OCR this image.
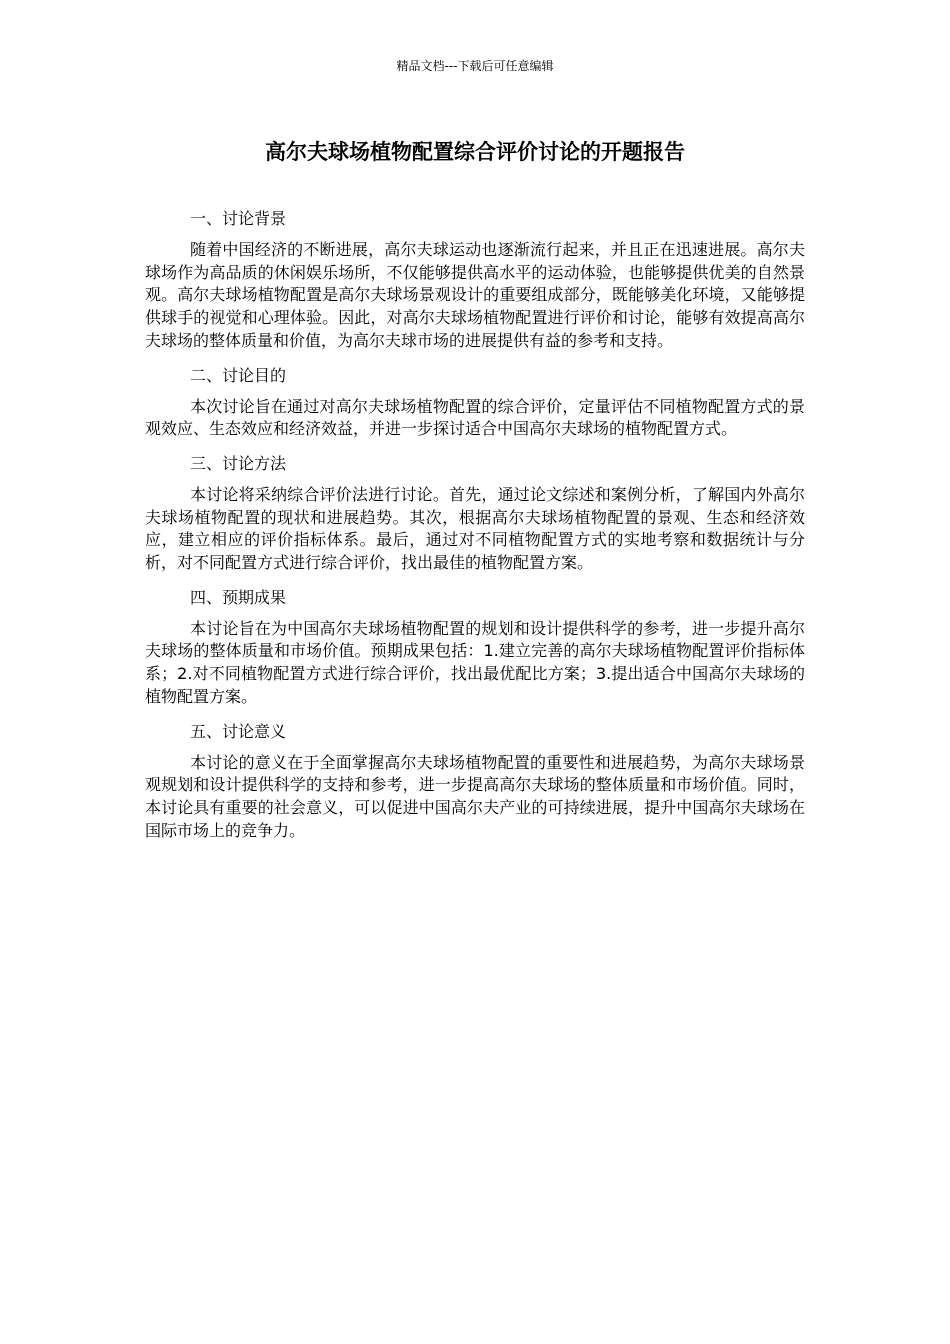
精品文档---下载后可任意编辑
高尔夫球场植物配置综合评价讨论的开题报告

一、讨论背景

随着中国经济的不断进展，高尔夫球运动也逐渐流行起来，并且正在迅速进展。高尔夫球场作为高品质的休闲娱乐场所，不仅能够提供高水平的运动体验，也能够提供优美的自然景观。高尔夫球场植物配置是高尔夫球场景观设计的重要组成部分，既能够美化环境，又能够提供球手的视觉和心理体验。因此，对高尔夫球场植物配置进行评价和讨论，能够有效提高高尔夫球场的整体质量和价值，为高尔夫球市场的进展提供有益的参考和支持。

二、讨论目的

本次讨论旨在通过对高尔夫球场植物配置的综合评价，定量评估不同植物配置方式的景观效应、生态效应和经济效益，并进一步探讨适合中国高尔夫球场的植物配置方式。

三、讨论方法

本讨论将采纳综合评价法进行讨论。首先，通过论文综述和案例分析，了解国内外高尔夫球场植物配置的现状和进展趋势。其次，根据高尔夫球场植物配置的景观、生态和经济效应，建立相应的评价指标体系。最后，通过对不同植物配置方式的实地考察和数据统计与分析，对不同配置方式进行综合评价，找出最佳的植物配置方案。

四、预期成果

本讨论旨在为中国高尔夫球场植物配置的规划和设计提供科学的参考，进一步提升高尔夫球场的整体质量和市场价值。预期成果包括：1.建立完善的高尔夫球场植物配置评价指标体系；2.对不同植物配置方式进行综合评价，找出最优配比方案；3.提出适合中国高尔夫球场的植物配置方案。

五、讨论意义

本讨论的意义在于全面掌握高尔夫球场植物配置的重要性和进展趋势，为高尔夫球场景观规划和设计提供科学的支持和参考，进一步提高高尔夫球场的整体质量和市场价值。同时，本讨论具有重要的社会意义，可以促进中国高尔夫产业的可持续进展，提升中国高尔夫球场在国际市场上的竞争力。
